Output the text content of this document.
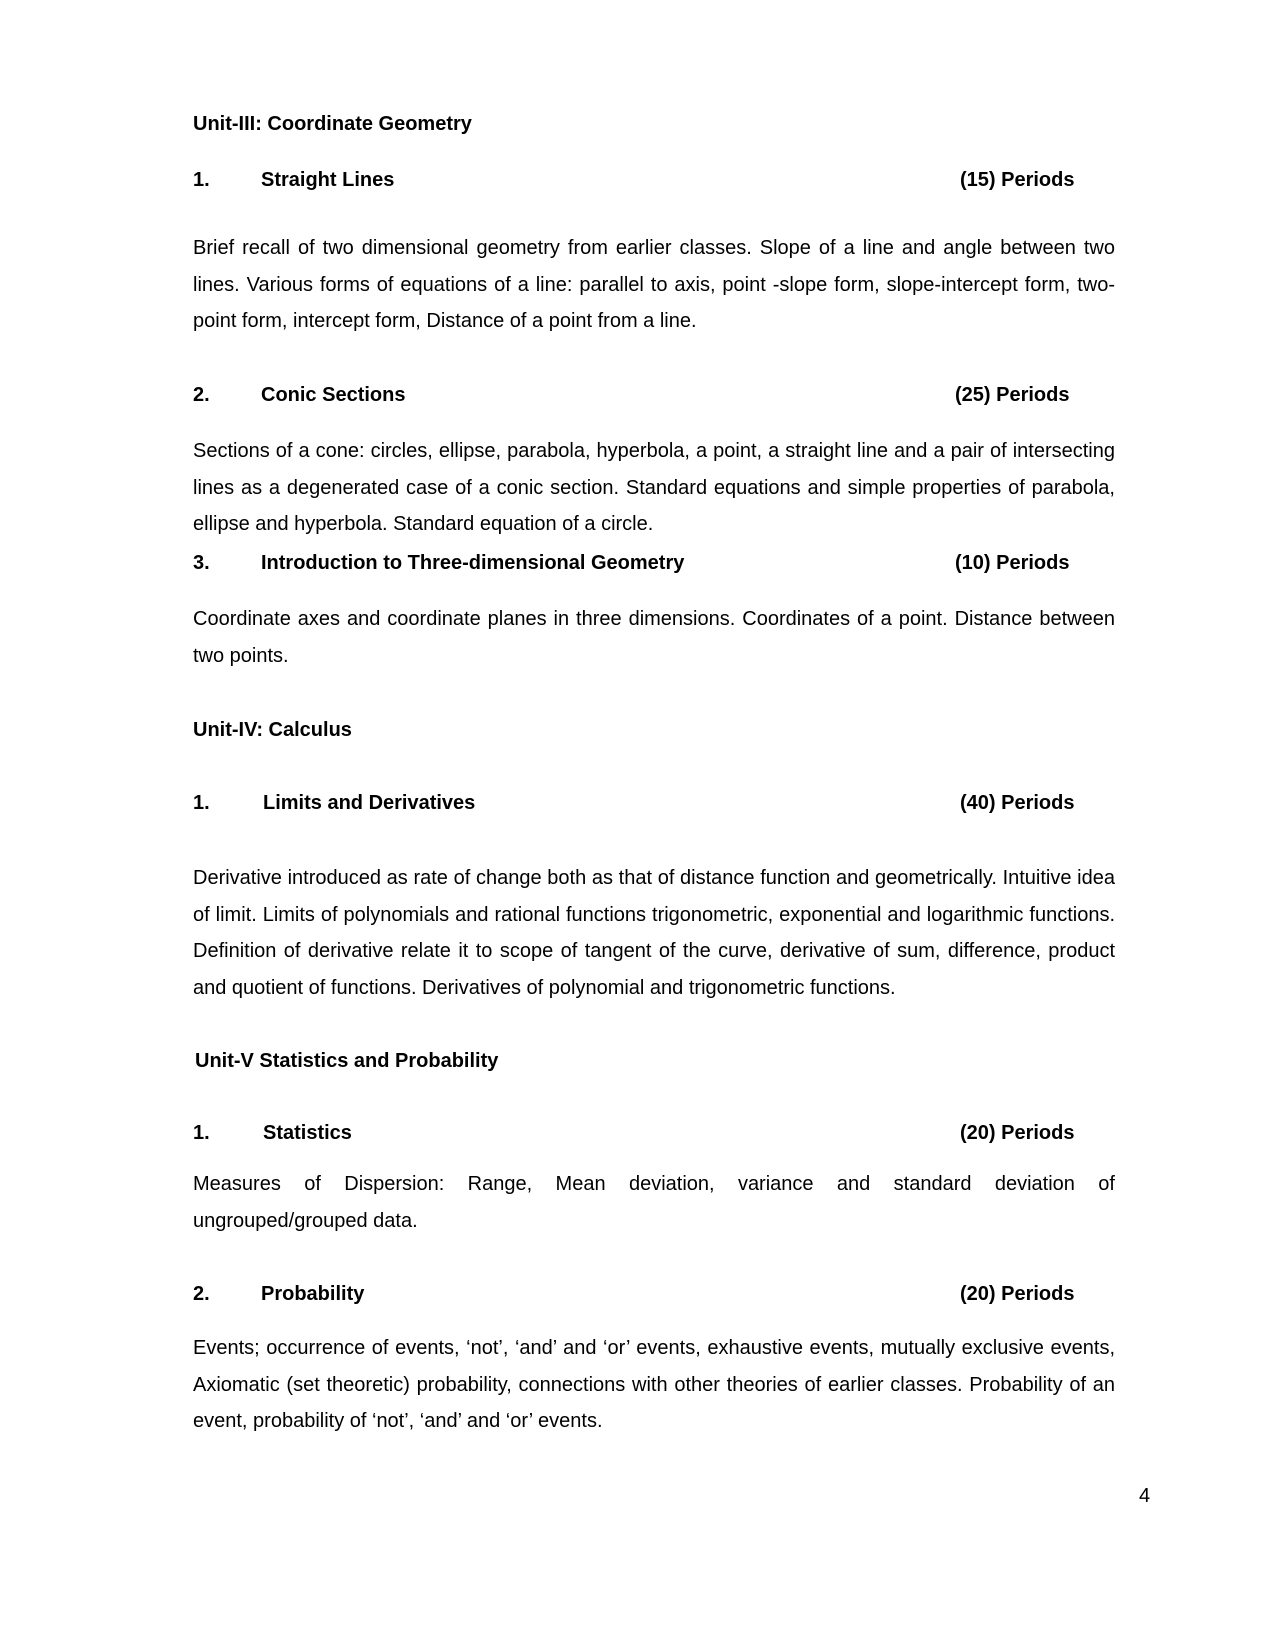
Unit-III: Coordinate Geometry
1.	Straight Lines	(15) Periods
Brief recall of two dimensional geometry from earlier classes. Slope of a line and angle between two lines. Various forms of equations of a line: parallel to axis, point -slope form, slope-intercept form, two-point form, intercept form, Distance of a point from a line.
2.	Conic Sections	(25) Periods
Sections of a cone: circles, ellipse, parabola, hyperbola, a point, a straight line and a pair of intersecting lines as a degenerated case of a conic section. Standard equations and simple properties of parabola, ellipse and hyperbola. Standard equation of a circle.
3.	Introduction to Three-dimensional Geometry	(10) Periods
Coordinate axes and coordinate planes in three dimensions. Coordinates of a point. Distance between two points.
Unit-IV: Calculus
1.	Limits and Derivatives	(40) Periods
Derivative introduced as rate of change both as that of distance function and geometrically. Intuitive idea of limit. Limits of polynomials and rational functions trigonometric, exponential and logarithmic functions. Definition of derivative relate it to scope of tangent of the curve, derivative of sum, difference, product and quotient of functions. Derivatives of polynomial and trigonometric functions.
Unit-V Statistics and Probability
1.	Statistics	(20) Periods
Measures of Dispersion: Range, Mean deviation, variance and standard deviation of ungrouped/grouped data.
2.	Probability	(20) Periods
Events; occurrence of events, ‘not’, ‘and’ and ‘or’ events, exhaustive events, mutually exclusive events, Axiomatic (set theoretic) probability, connections with other theories of earlier classes. Probability of an event, probability of ‘not’, ‘and’ and ‘or’ events.
4
